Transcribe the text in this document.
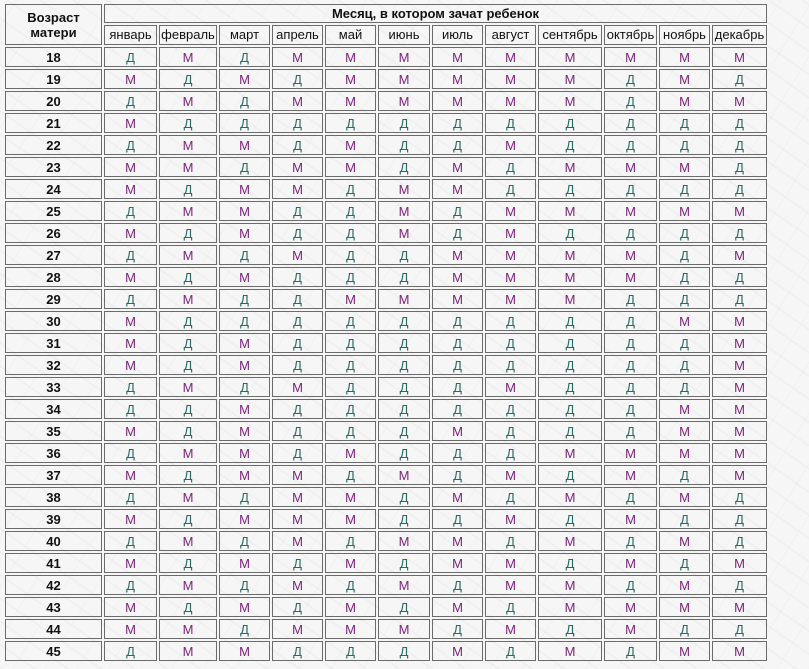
Возраст матери	Месяц, в котором зачат ребенок											
	январь	февраль	март	апрель	май	июнь	июль	август	сентябрь	октябрь	ноябрь	декабрь
18	Д	М	Д	М	М	М	М	М	М	М	М	М
19	М	Д	М	Д	М	М	М	М	М	Д	М	Д
20	Д	М	Д	М	М	М	М	М	М	Д	М	М
21	М	Д	Д	Д	Д	Д	Д	Д	Д	Д	Д	Д
22	Д	М	М	Д	М	Д	Д	М	Д	Д	Д	Д
23	М	М	Д	М	М	Д	М	Д	М	М	М	Д
24	М	Д	М	М	Д	М	М	Д	Д	Д	Д	Д
25	Д	М	М	Д	Д	М	Д	М	М	М	М	М
26	М	Д	М	Д	Д	М	Д	М	Д	Д	Д	Д
27	Д	М	Д	М	Д	Д	М	М	М	М	Д	М
28	М	Д	М	Д	Д	Д	М	М	М	М	Д	Д
29	Д	М	Д	Д	М	М	М	М	М	Д	Д	Д
30	М	Д	Д	Д	Д	Д	Д	Д	Д	Д	М	М
31	М	Д	М	Д	Д	Д	Д	Д	Д	Д	Д	М
32	М	Д	М	Д	Д	Д	Д	Д	Д	Д	Д	М
33	Д	М	Д	М	Д	Д	Д	М	Д	Д	Д	М
34	Д	Д	М	Д	Д	Д	Д	Д	Д	Д	М	М
35	М	Д	М	Д	Д	Д	М	Д	Д	Д	М	М
36	Д	М	М	Д	М	Д	Д	Д	М	М	М	М
37	М	Д	М	М	Д	М	Д	М	Д	М	Д	М
38	Д	М	Д	М	М	Д	М	Д	М	Д	М	Д
39	М	Д	М	М	М	Д	Д	М	Д	М	Д	Д
40	Д	М	Д	М	Д	М	М	Д	М	Д	М	Д
41	М	Д	М	Д	М	Д	М	М	Д	М	Д	М
42	Д	М	Д	М	Д	М	Д	М	М	Д	М	Д
43	М	Д	М	Д	М	Д	М	Д	М	М	М	М
44	М	М	Д	М	М	М	Д	М	Д	М	Д	Д
45	Д	М	М	Д	Д	Д	М	Д	М	Д	М	М
